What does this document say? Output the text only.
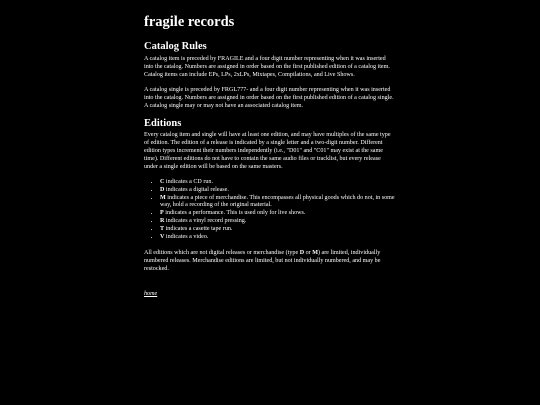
fragile records
Catalog Rules

A catalog item is preceded by FRAGILE and a four digit number representing when it was inserted into the catalog. Numbers are assigned in order based on the first published edition of a catalog item. Catalog items can include EPs, LPs, 2xLPs, Mixtapes, Compilations, and Live Shows.

A catalog single is preceded by FRGL777- and a four digit number representing when it was inserted into the catalog. Numbers are assigned in order based on the first published edition of a catalog single. A catalog single may or may not have an associated catalog item.

Editions

Every catalog item and single will have at least one edition, and may have multiples of the same type of edition. The edition of a release is indicated by a single letter and a two-digit number. Different edition types increment their numbers independently (i.e., "D01" and "C01" may exist at the same time). Different editions do not have to contain the same audio files or tracklist, but every release under a single edition will be based on the same masters.

• C indicates a CD run.
• D indicates a digital release.
• M indicates a piece of merchandise. This encompasses all physical goods which do not, in some way, hold a recording of the original material.
• P indicates a performance. This is used only for live shows.
• R indicates a vinyl record pressing.
• T indicates a casette tape run.
• V indicates a video.

All editions which are not digital releases or merchandise (type D or M) are limited, individually numbered releases. Merchandise editions are limited, but not individually numbered, and may be restocked.

home
